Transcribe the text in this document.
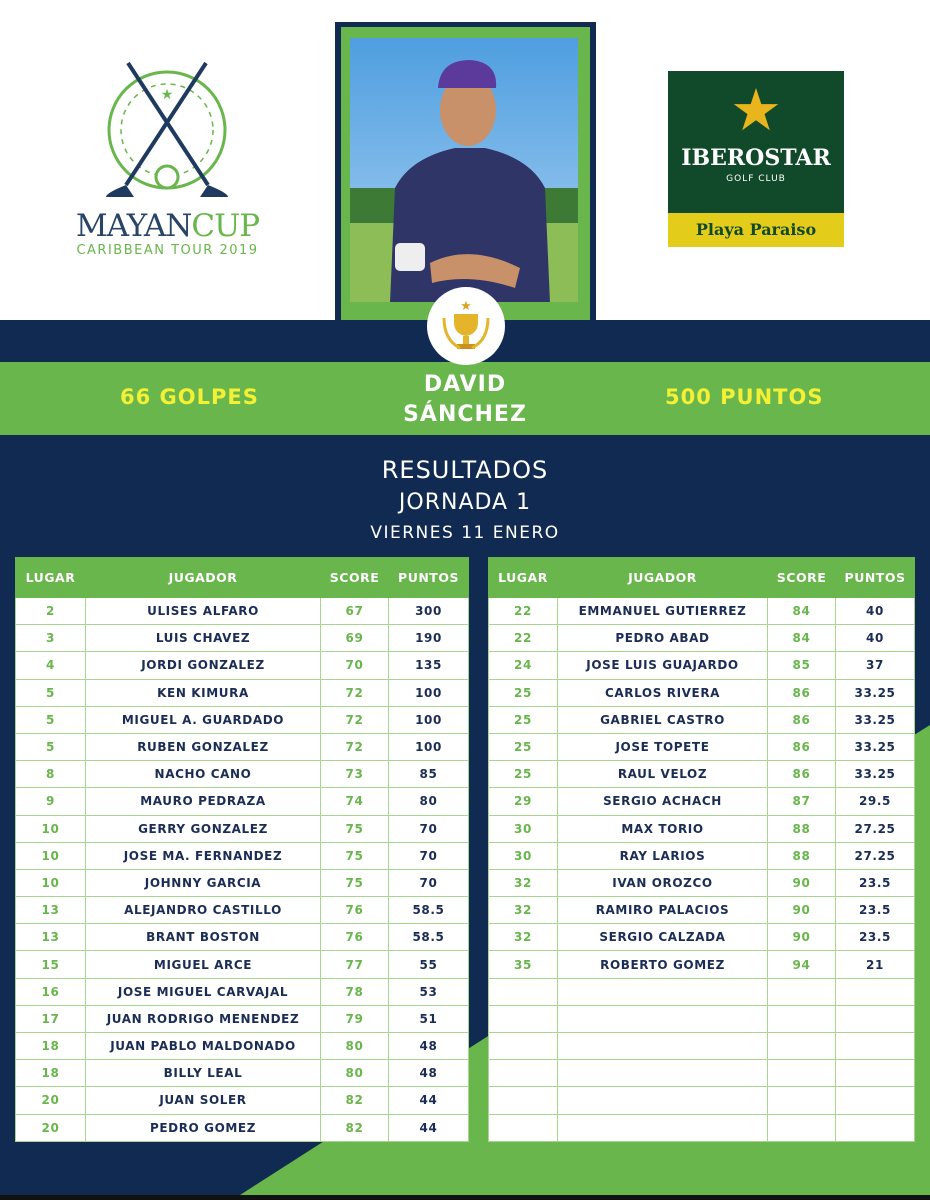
★
MAYANCUP
CARIBBEAN TOUR 2019
★
IBEROSTAR
GOLF CLUB
Playa Paraiso
66 GOLPES	500 PUNTOS
DAVID
SÁNCHEZ
★
RESULTADOS
JORNADA 1
VIERNES 11 ENERO
LUGAR	JUGADOR	SCORE	PUNTOS
2	ULISES ALFARO	67	300
3	LUIS CHAVEZ	69	190
4	JORDI GONZALEZ	70	135
5	KEN KIMURA	72	100
5	MIGUEL A. GUARDADO	72	100
5	RUBEN GONZALEZ	72	100
8	NACHO CANO	73	85
9	MAURO PEDRAZA	74	80
10	GERRY GONZALEZ	75	70
10	JOSE MA. FERNANDEZ	75	70
10	JOHNNY GARCIA	75	70
13	ALEJANDRO CASTILLO	76	58.5
13	BRANT BOSTON	76	58.5
15	MIGUEL ARCE	77	55
16	JOSE MIGUEL CARVAJAL	78	53
17	JUAN RODRIGO MENENDEZ	79	51
18	JUAN PABLO MALDONADO	80	48
18	BILLY LEAL	80	48
20	JUAN SOLER	82	44
20	PEDRO GOMEZ	82	44
LUGAR	JUGADOR	SCORE	PUNTOS
22	EMMANUEL GUTIERREZ	84	40
22	PEDRO ABAD	84	40
24	JOSE LUIS GUAJARDO	85	37
25	CARLOS RIVERA	86	33.25
25	GABRIEL CASTRO	86	33.25
25	JOSE TOPETE	86	33.25
25	RAUL VELOZ	86	33.25
29	SERGIO ACHACH	87	29.5
30	MAX TORIO	88	27.25
30	RAY LARIOS	88	27.25
32	IVAN OROZCO	90	23.5
32	RAMIRO PALACIOS	90	23.5
32	SERGIO CALZADA	90	23.5
35	ROBERTO GOMEZ	94	21
